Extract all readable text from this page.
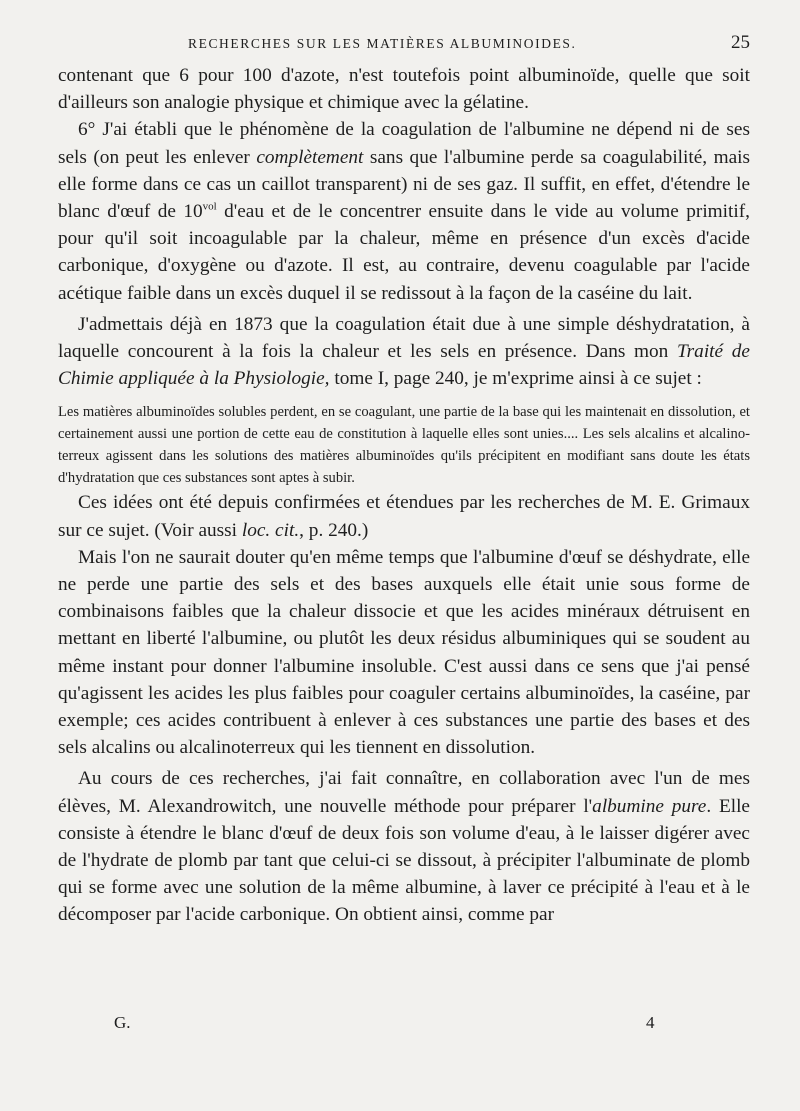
RECHERCHES SUR LES MATIÈRES ALBUMINOIDES.	25

contenant que 6 pour 100 d'azote, n'est toutefois point albuminoïde, quelle que soit d'ailleurs son analogie physique et chimique avec la gélatine.

6° J'ai établi que le phénomène de la coagulation de l'albumine ne dépend ni de ses sels (on peut les enlever complètement sans que l'albumine perde sa coagulabilité, mais elle forme dans ce cas un caillot transparent) ni de ses gaz. Il suffit, en effet, d'étendre le blanc d'œuf de $10^{vol}$ d'eau et de le concentrer ensuite dans le vide au volume primitif, pour qu'il soit incoagulable par la chaleur, même en présence d'un excès d'acide carbonique, d'oxygène ou d'azote. Il est, au contraire, devenu coagulable par l'acide acétique faible dans un excès duquel il se redissout à la façon de la caséine du lait.

J'admettais déjà en 1873 que la coagulation était due à une simple déshydratation, à laquelle concourent à la fois la chaleur et les sels en présence. Dans mon Traité de Chimie appliquée à la Physiologie, tome I, page 240, je m'exprime ainsi à ce sujet :

Les matières albuminoïdes solubles perdent, en se coagulant, une partie de la base qui les maintenait en dissolution, et certainement aussi une portion de cette eau de constitution à laquelle elles sont unies.... Les sels alcalins et alcalino-terreux agissent dans les solutions des matières albuminoïdes qu'ils précipitent en modifiant sans doute les états d'hydratation que ces substances sont aptes à subir.

Ces idées ont été depuis confirmées et étendues par les recherches de M. E. Grimaux sur ce sujet. (Voir aussi loc. cit., p. 240.)

Mais l'on ne saurait douter qu'en même temps que l'albumine d'œuf se déshydrate, elle ne perde une partie des sels et des bases auxquels elle était unie sous forme de combinaisons faibles que la chaleur dissocie et que les acides minéraux détruisent en mettant en liberté l'albumine, ou plutôt les deux résidus albuminiques qui se soudent au même instant pour donner l'albumine insoluble. C'est aussi dans ce sens que j'ai pensé qu'agissent les acides les plus faibles pour coaguler certains albuminoïdes, la caséine, par exemple; ces acides contribuent à enlever à ces substances une partie des bases et des sels alcalins ou alcalinoterreux qui les tiennent en dissolution.

Au cours de ces recherches, j'ai fait connaître, en collaboration avec l'un de mes élèves, M. Alexandrowitch, une nouvelle méthode pour préparer l'albumine pure. Elle consiste à étendre le blanc d'œuf de deux fois son volume d'eau, à le laisser digérer avec de l'hydrate de plomb par tant que celui-ci se dissout, à précipiter l'albuminate de plomb qui se forme avec une solution de la même albumine, à laver ce précipité à l'eau et à le décomposer par l'acide carbonique. On obtient ainsi, comme par

G.	4
